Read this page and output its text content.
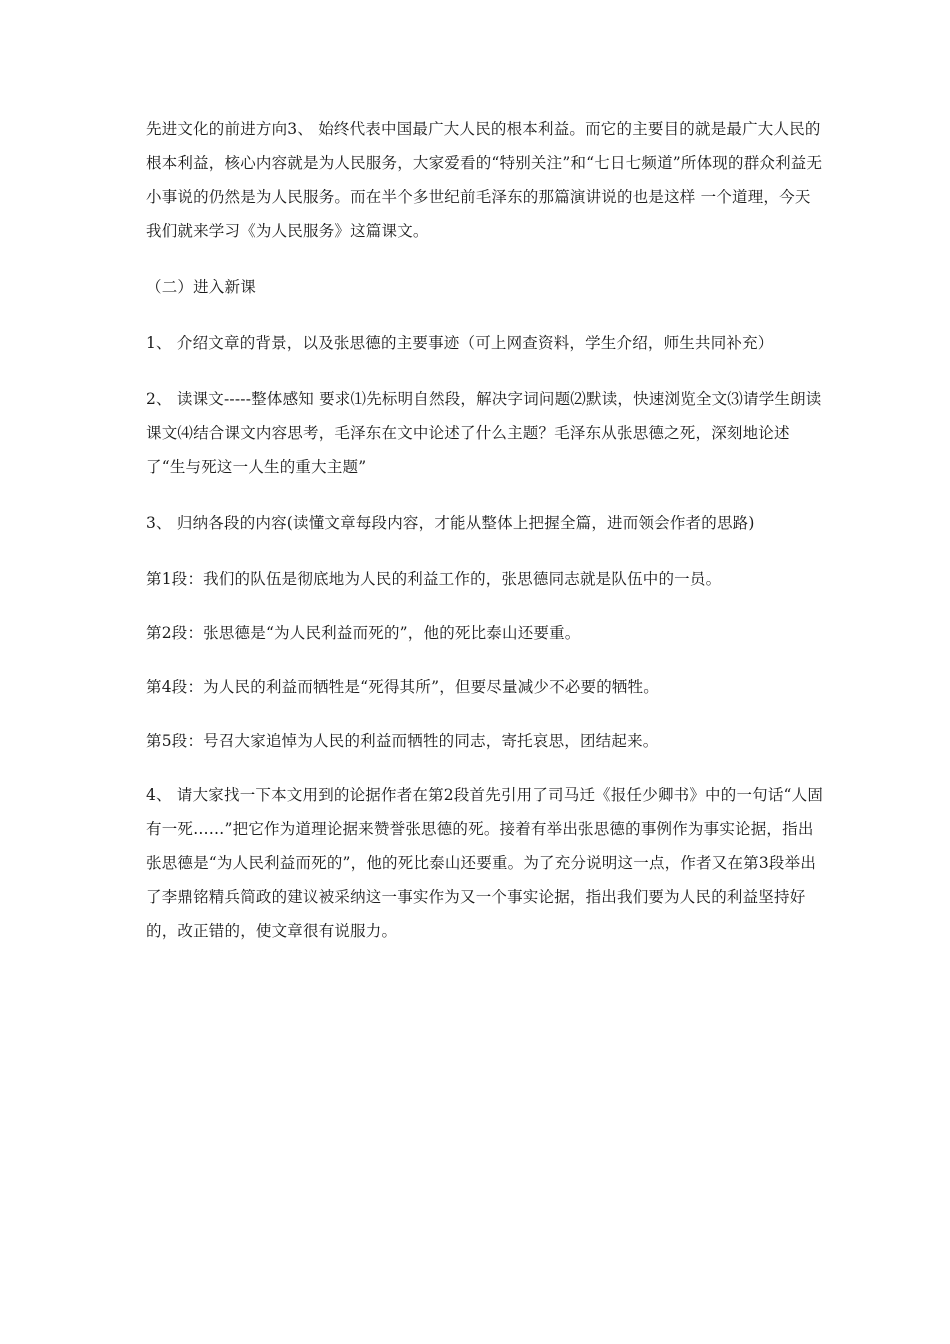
先进文化的前进方向3、 始终代表中国最广大人民的根本利益。而它的主要目的就是最广大人民的根本利益，核心内容就是为人民服务，大家爱看的“特别关注”和“七日七频道”所体现的群众利益无小事说的仍然是为人民服务。而在半个多世纪前毛泽东的那篇演讲说的也是这样 一个道理，今天我们就来学习《为人民服务》这篇课文。

（二）进入新课

1、 介绍文章的背景，以及张思德的主要事迹（可上网查资料，学生介绍，师生共同补充）

2、 读课文-----整体感知 要求⑴先标明自然段，解决字词问题⑵默读，快速浏览全文⑶请学生朗读课文⑷结合课文内容思考，毛泽东在文中论述了什么主题？毛泽东从张思德之死，深刻地论述了“生与死这一人生的重大主题”

3、 归纳各段的内容(读懂文章每段内容，才能从整体上把握全篇，进而领会作者的思路)

第1段：我们的队伍是彻底地为人民的利益工作的，张思德同志就是队伍中的一员。

第2段：张思德是“为人民利益而死的”，他的死比泰山还要重。

第4段：为人民的利益而牺牲是“死得其所”，但要尽量减少不必要的牺牲。

第5段：号召大家追悼为人民的利益而牺牲的同志，寄托哀思，团结起来。

4、 请大家找一下本文用到的论据作者在第2段首先引用了司马迁《报任少卿书》中的一句话“人固有一死……”把它作为道理论据来赞誉张思德的死。接着有举出张思德的事例作为事实论据，指出张思德是“为人民利益而死的”，他的死比泰山还要重。为了充分说明这一点，作者又在第3段举出了李鼎铭精兵简政的建议被采纳这一事实作为又一个事实论据，指出我们要为人民的利益坚持好的，改正错的，使文章很有说服力。
